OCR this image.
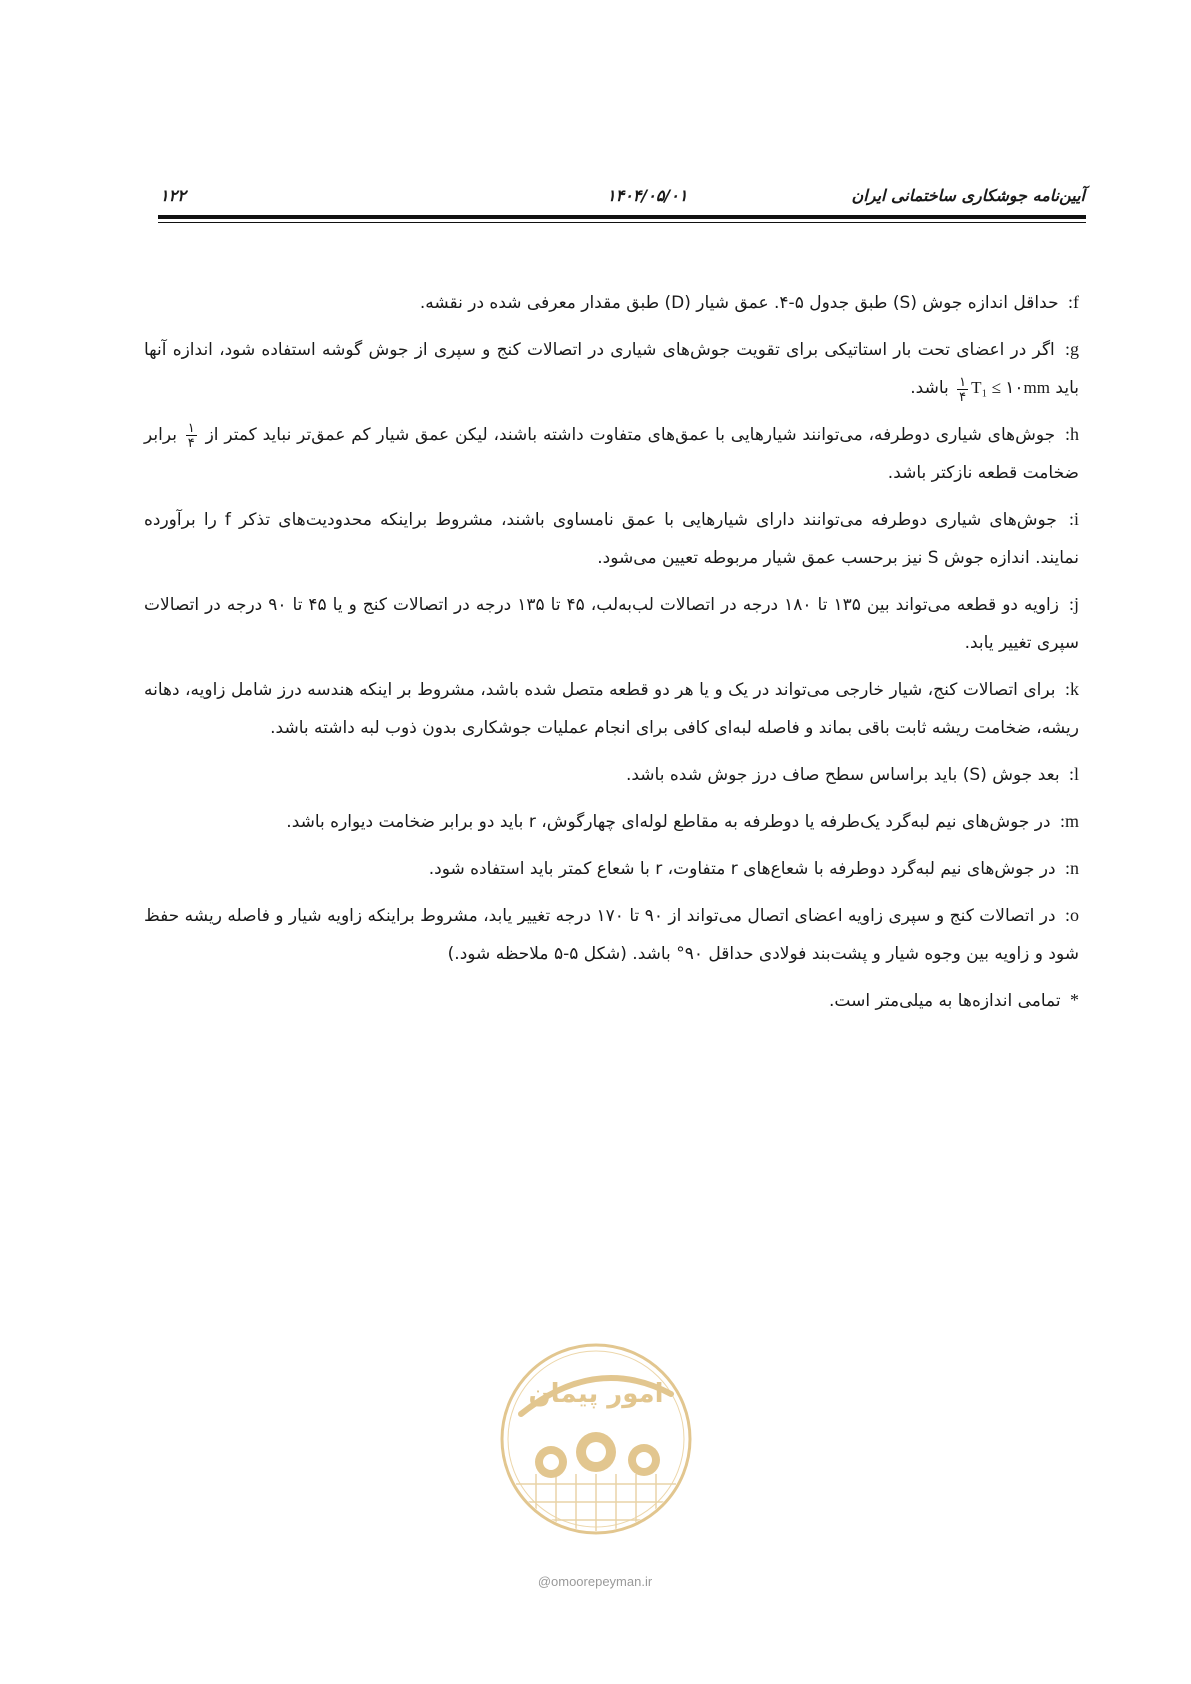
آیین‌نامه جوشکاری ساختمانی ایران
۱۴۰۴/۰۵/۰۱
۱۲۲
f: حداقل اندازه جوش (S) طبق جدول ۵-۴. عمق شیار (D) طبق مقدار معرفی شده در نقشه.
g: اگر در اعضای تحت بار استاتیکی برای تقویت جوش‌های شیاری در اتصالات کنج و سپری از جوش گوشه استفاده شود، اندازه آنها باید
$\frac{۱}{۴} T_1$ ≤ ۱۰mm باشد.
h: جوش‌های شیاری دوطرفه، می‌توانند شیارهایی با عمق‌های متفاوت داشته باشند، لیکن عمق شیار کم عمق‌تر نباید کمتر از
$\frac{۱}{۴}$
برابر ضخامت قطعه نازکتر باشد.
i: جوش‌های شیاری دوطرفه می‌توانند دارای شیارهایی با عمق نامساوی باشند، مشروط براینکه محدودیت‌های تذکر f را برآورده نمایند. اندازه جوش S نیز برحسب عمق شیار مربوطه تعیین می‌شود.
j: زاویه دو قطعه می‌تواند بین ۱۳۵ تا ۱۸۰ درجه در اتصالات لب‌به‌لب، ۴۵ تا ۱۳۵ درجه در اتصالات کنج و یا ۴۵ تا ۹۰ درجه در اتصالات سپری تغییر یابد.
k: برای اتصالات کنج، شیار خارجی می‌تواند در یک و یا هر دو قطعه متصل شده باشد، مشروط بر اینکه هندسه درز شامل زاویه، دهانه ریشه، ضخامت ریشه ثابت باقی بماند و فاصله لبه‌ای کافی برای انجام عملیات جوشکاری بدون ذوب لبه داشته باشد.
l: بعد جوش (S) باید براساس سطح صاف درز جوش شده باشد.
m: در جوش‌های نیم لبه‌گرد یک‌طرفه یا دوطرفه به مقاطع لوله‌ای چهارگوش، r باید دو برابر ضخامت دیواره باشد.
n: در جوش‌های نیم لبه‌گرد دوطرفه با شعاع‌های r متفاوت، r با شعاع کمتر باید استفاده شود.
o: در اتصالات کنج و سپری زاویه اعضای اتصال می‌تواند از ۹۰ تا ۱۷۰ درجه تغییر یابد، مشروط براینکه زاویه شیار و فاصله ریشه حفظ شود و زاویه بین وجوه شیار و پشت‌بند فولادی حداقل ۹۰° باشد. (شکل ۵-۵ ملاحظه شود.)
* تمامی اندازه‌ها به میلی‌متر است.
امور پیمان
@omoorepeyman.ir
